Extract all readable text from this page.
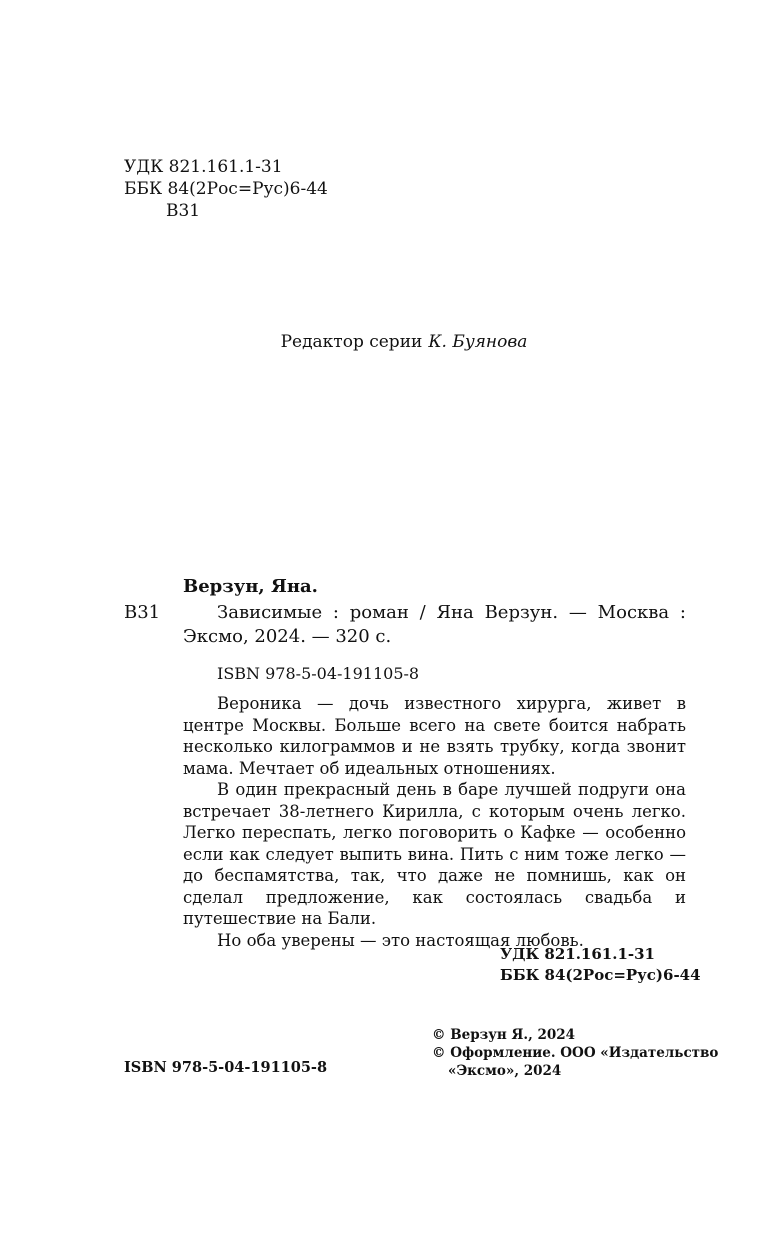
УДК 821.161.1-31
ББК 84(2Рос=Рус)6-44
В31
Редактор серии К. Буянова
Верзун, Яна.
В31	Зависимые : роман / Яна Верзун. — Москва :
Эксмо, 2024. — 320 с.
ISBN 978-5-04-191105-8

Вероника — дочь известного хирурга, живет в центре Москвы. Больше всего на свете боится набрать несколько килограммов и не взять трубку, когда звонит мама. Мечтает об идеальных отношениях.

В один прекрасный день в баре лучшей подруги она встречает 38-летнего Кирилла, с которым очень легко. Легко переспать, легко поговорить о Кафке — особенно если как следует выпить вина. Пить с ним тоже легко — до беспамятства, так, что даже не помнишь, как он сделал предложение, как состоялась свадьба и путешествие на Бали.

Но оба уверены — это настоящая любовь.

УДК 821.161.1-31
ББК 84(2Рос=Рус)6-44
© Верзун Я., 2024
© Оформление. ООО «Издательство
«Эксмо», 2024
ISBN 978-5-04-191105-8
